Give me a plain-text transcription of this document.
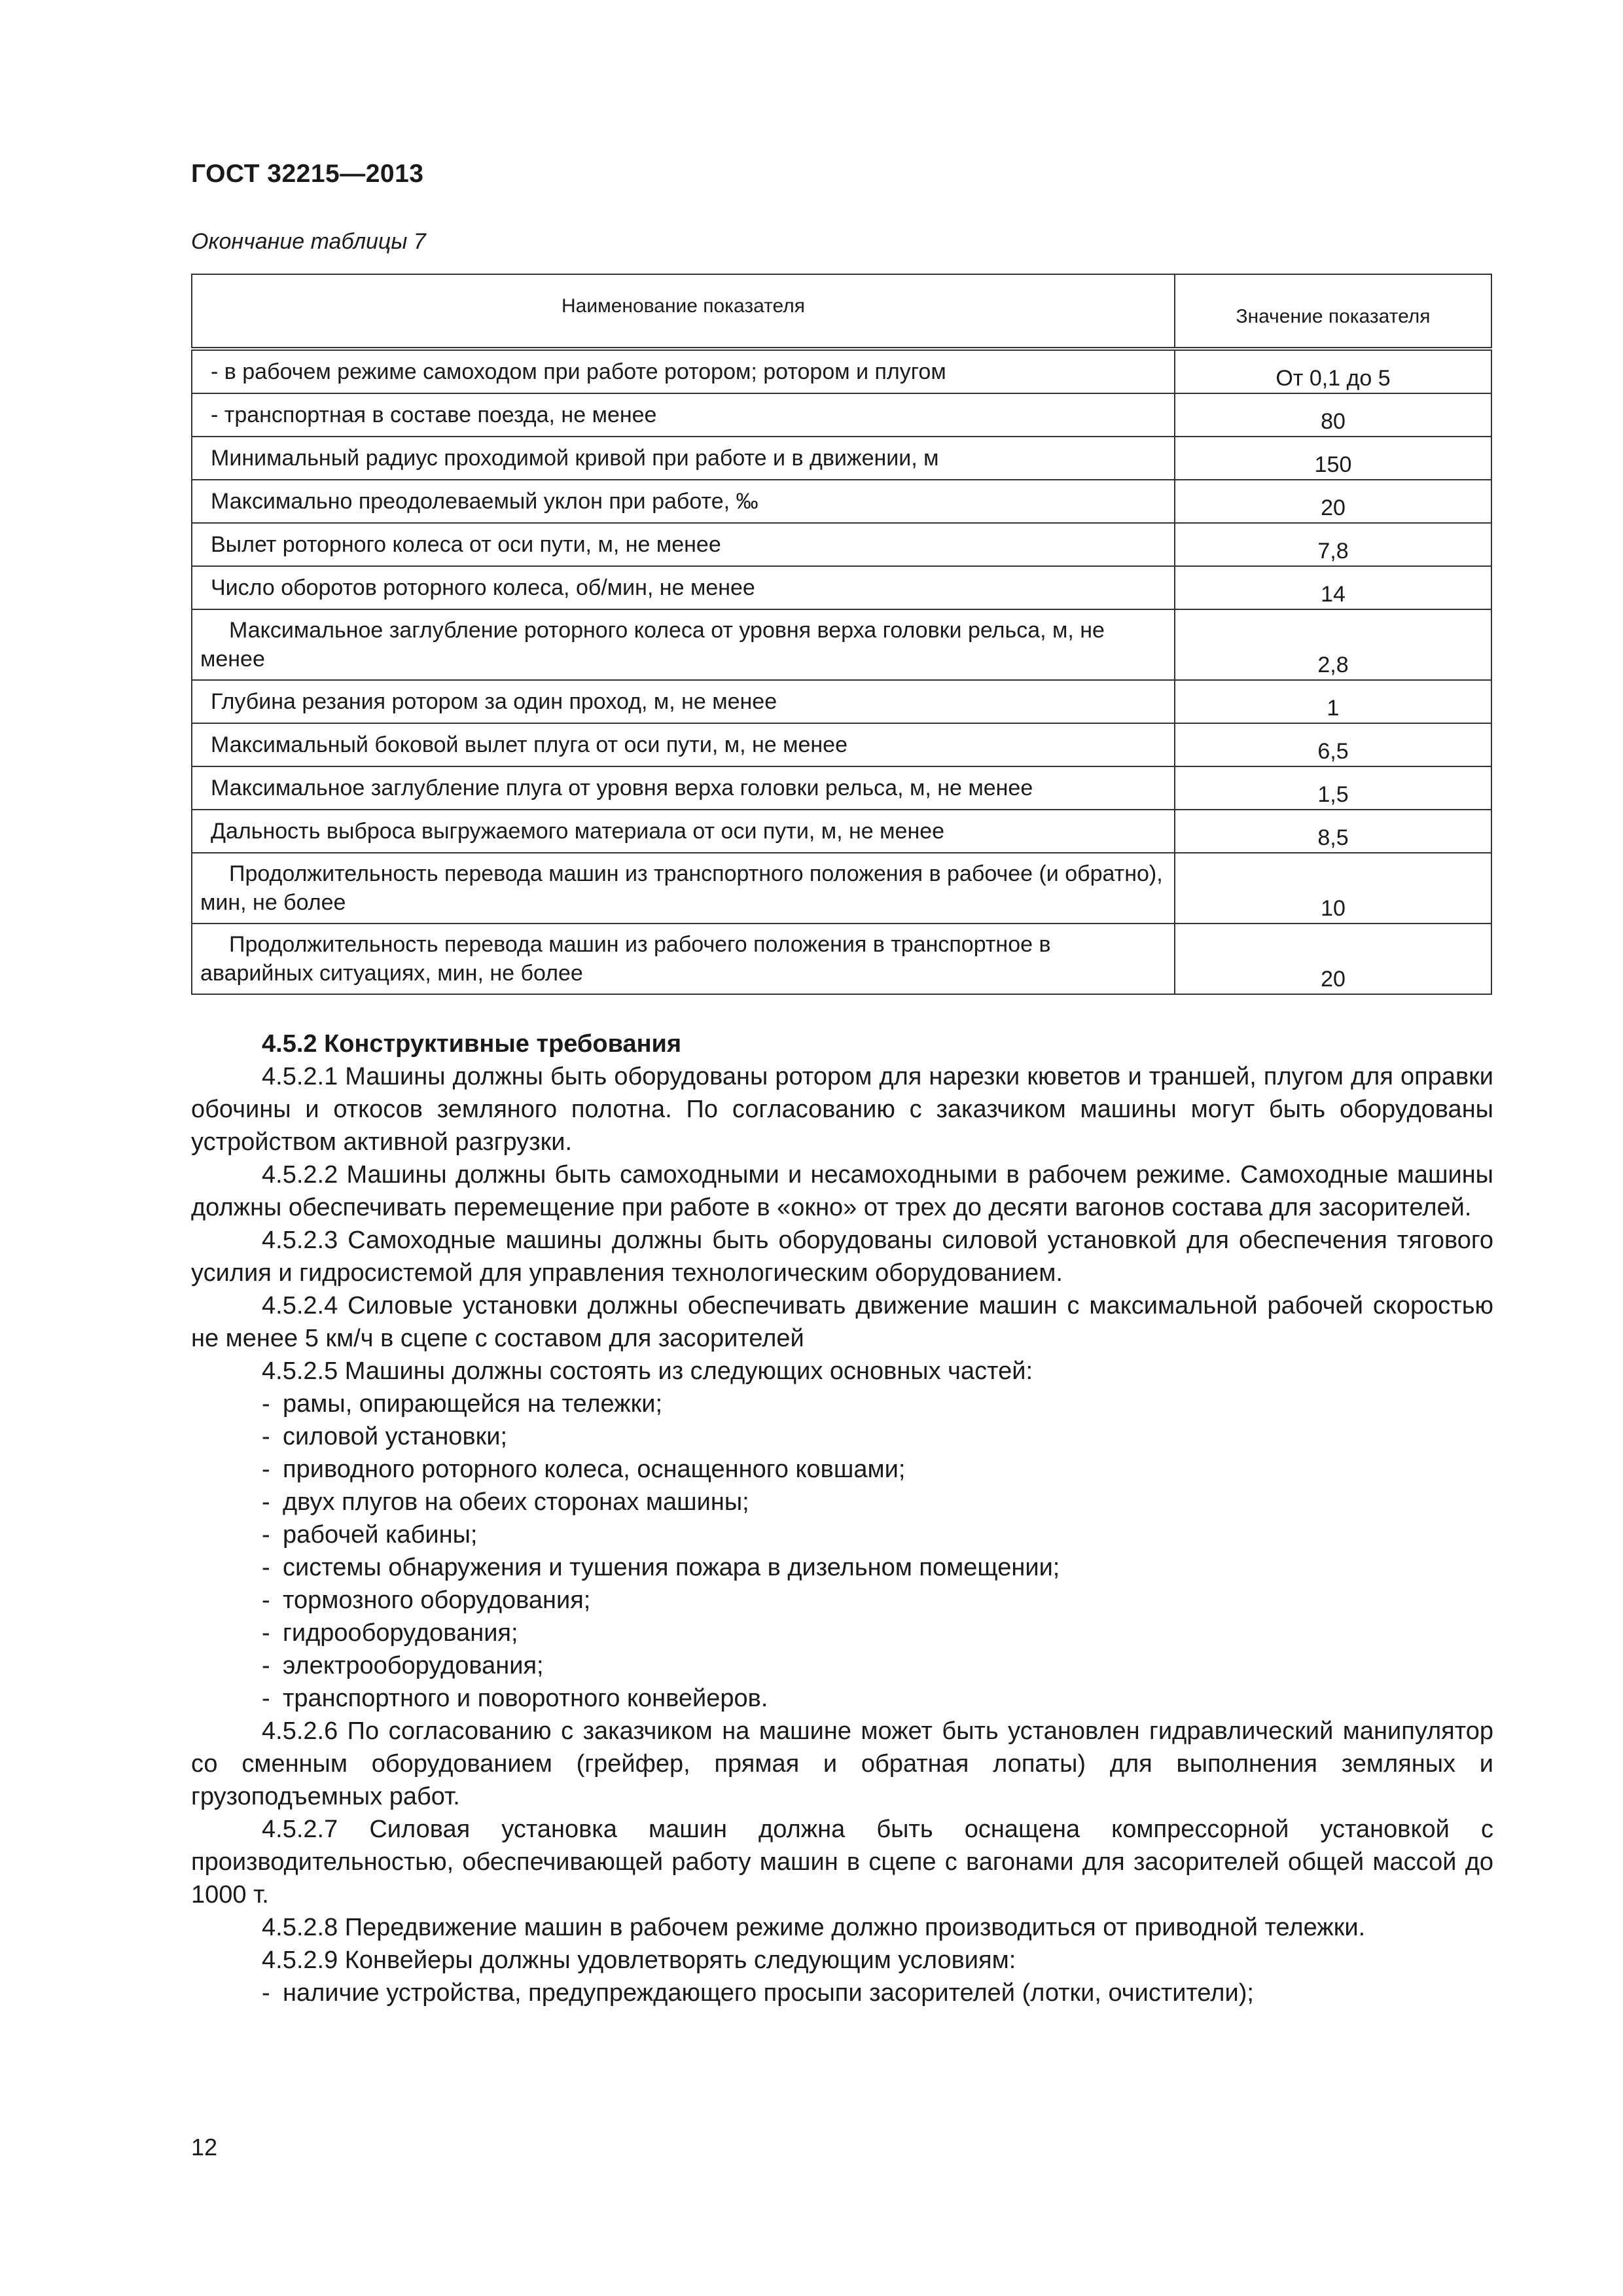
ГОСТ 32215—2013
Окончание таблицы 7
Наименование показателя	Значение показателя
- в рабочем режиме самоходом при работе ротором; ротором и плугом	От 0,1 до 5
- транспортная в составе поезда, не менее	80
Минимальный радиус проходимой кривой при работе и в движении, м	150
Максимально преодолеваемый уклон при работе, ‰	20
Вылет роторного колеса от оси пути, м, не менее	7,8
Число оборотов роторного колеса, об/мин, не менее	14
Максимальное заглубление роторного колеса от уровня верха головки рельса, м, не менее	2,8
Глубина резания ротором за один проход, м, не менее	1
Максимальный боковой вылет плуга от оси пути, м, не менее	6,5
Максимальное заглубление плуга от уровня верха головки рельса, м, не менее	1,5
Дальность выброса выгружаемого материала от оси пути, м, не менее	8,5
Продолжительность перевода машин из транспортного положения в рабочее (и обратно), мин, не более	10
Продолжительность перевода машин из рабочего положения в транспортное в аварийных ситуациях, мин, не более	20

4.5.2 Конструктивные требования

4.5.2.1 Машины должны быть оборудованы ротором для нарезки кюветов и траншей, плугом для оправки обочины и откосов земляного полотна. По согласованию с заказчиком машины могут быть оборудованы устройством активной разгрузки.

4.5.2.2 Машины должны быть самоходными и несамоходными в рабочем режиме. Самоходные машины должны обеспечивать перемещение при работе в «окно» от трех до десяти вагонов состава для засорителей.

4.5.2.3 Самоходные машины должны быть оборудованы силовой установкой для обеспечения тягового усилия и гидросистемой для управления технологическим оборудованием.

4.5.2.4 Силовые установки должны обеспечивать движение машин с максимальной рабочей скоростью не менее 5 км/ч в сцепе с составом для засорителей

4.5.2.5 Машины должны состоять из следующих основных частей:

- рамы, опирающейся на тележки;
- силовой установки;
- приводного роторного колеса, оснащенного ковшами;
- двух плугов на обеих сторонах машины;
- рабочей кабины;
- системы обнаружения и тушения пожара в дизельном помещении;
- тормозного оборудования;
- гидрооборудования;
- электрооборудования;
- транспортного и поворотного конвейеров.

4.5.2.6 По согласованию с заказчиком на машине может быть установлен гидравлический манипулятор со сменным оборудованием (грейфер, прямая и обратная лопаты) для выполнения земляных и грузоподъемных работ.

4.5.2.7 Силовая установка машин должна быть оснащена компрессорной установкой с производительностью, обеспечивающей работу машин в сцепе с вагонами для засорителей общей массой до 1000 т.

4.5.2.8 Передвижение машин в рабочем режиме должно производиться от приводной тележки.

4.5.2.9 Конвейеры должны удовлетворять следующим условиям:

- наличие устройства, предупреждающего просыпи засорителей (лотки, очистители);
12
